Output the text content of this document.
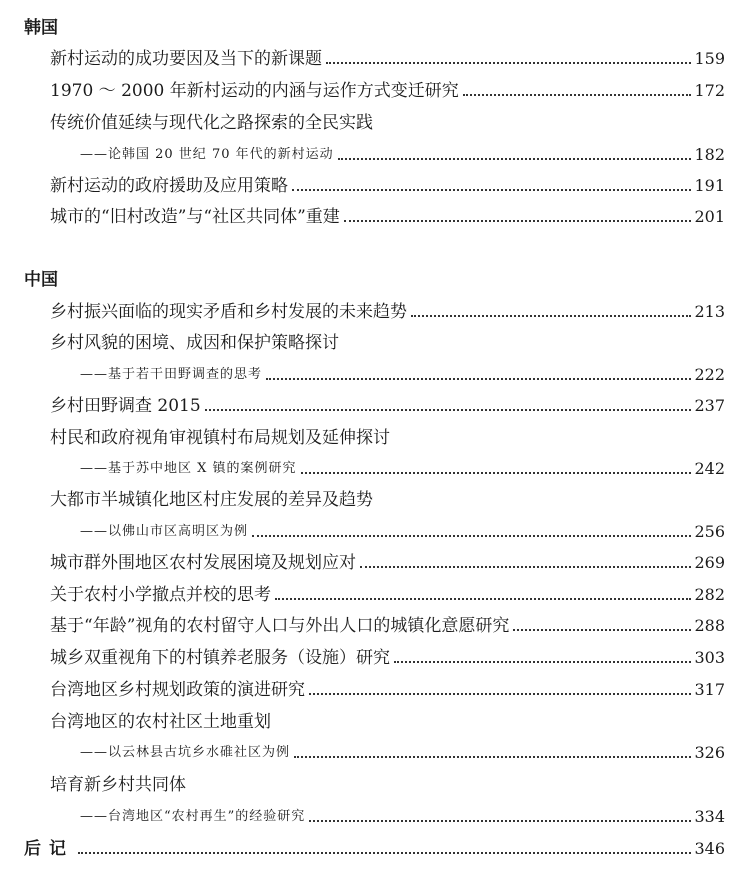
韩国
新村运动的成功要因及当下的新课题	159
1970 ～ 2000 年新村运动的内涵与运作方式变迁研究	172
传统价值延续与现代化之路探索的全民实践
——论韩国 20 世纪 70 年代的新村运动	182
新村运动的政府援助及应用策略	191
城市的“旧村改造”与“社区共同体”重建	201
中国
乡村振兴面临的现实矛盾和乡村发展的未来趋势	213
乡村风貌的困境、成因和保护策略探讨
——基于若干田野调查的思考	222
乡村田野调查 2015	237
村民和政府视角审视镇村布局规划及延伸探讨
——基于苏中地区 X 镇的案例研究	242
大都市半城镇化地区村庄发展的差异及趋势
——以佛山市区高明区为例	256
城市群外围地区农村发展困境及规划应对	269
关于农村小学撤点并校的思考	282
基于“年龄”视角的农村留守人口与外出人口的城镇化意愿研究	288
城乡双重视角下的村镇养老服务（设施）研究	303
台湾地区乡村规划政策的演进研究	317
台湾地区的农村社区土地重划
——以云林县古坑乡水碓社区为例	326
培育新乡村共同体
——台湾地区“农村再生”的经验研究	334
后记	346
